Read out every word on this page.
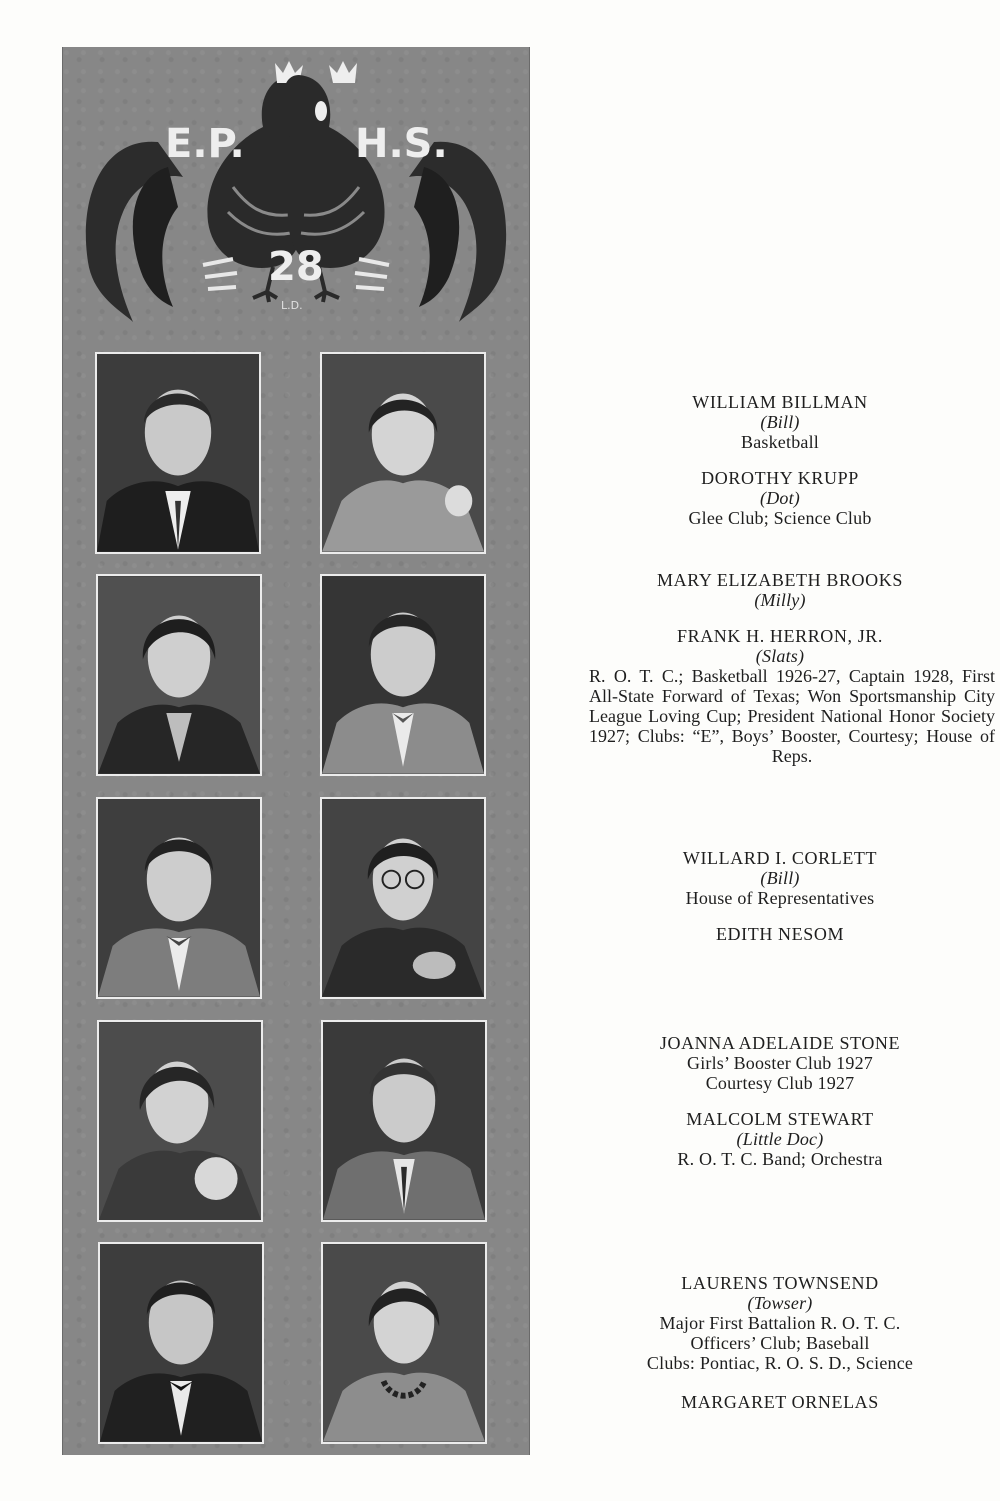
E.P.	H.S.
28
L.D.
WILLIAM BILLMAN
(Bill)
Basketball
DOROTHY KRUPP
(Dot)
Glee Club; Science Club
MARY ELIZABETH BROOKS
(Milly)
FRANK H. HERRON, JR.
(Slats)
R. O. T. C.; Basketball 1926-27, Captain 1928, First All-State Forward of Texas; Won Sportsmanship City League Loving Cup; President National Honor Society 1927; Clubs: “E”, Boys’ Booster, Courtesy; House of Reps.
WILLARD I. CORLETT
(Bill)
House of Representatives
EDITH NESOM
JOANNA ADELAIDE STONE
Girls’ Booster Club 1927
Courtesy Club 1927
MALCOLM STEWART
(Little Doc)
R. O. T. C. Band; Orchestra
LAURENS TOWNSEND
(Towser)
Major First Battalion R. O. T. C.
Officers’ Club; Baseball
Clubs: Pontiac, R. O. S. D., Science
MARGARET ORNELAS
